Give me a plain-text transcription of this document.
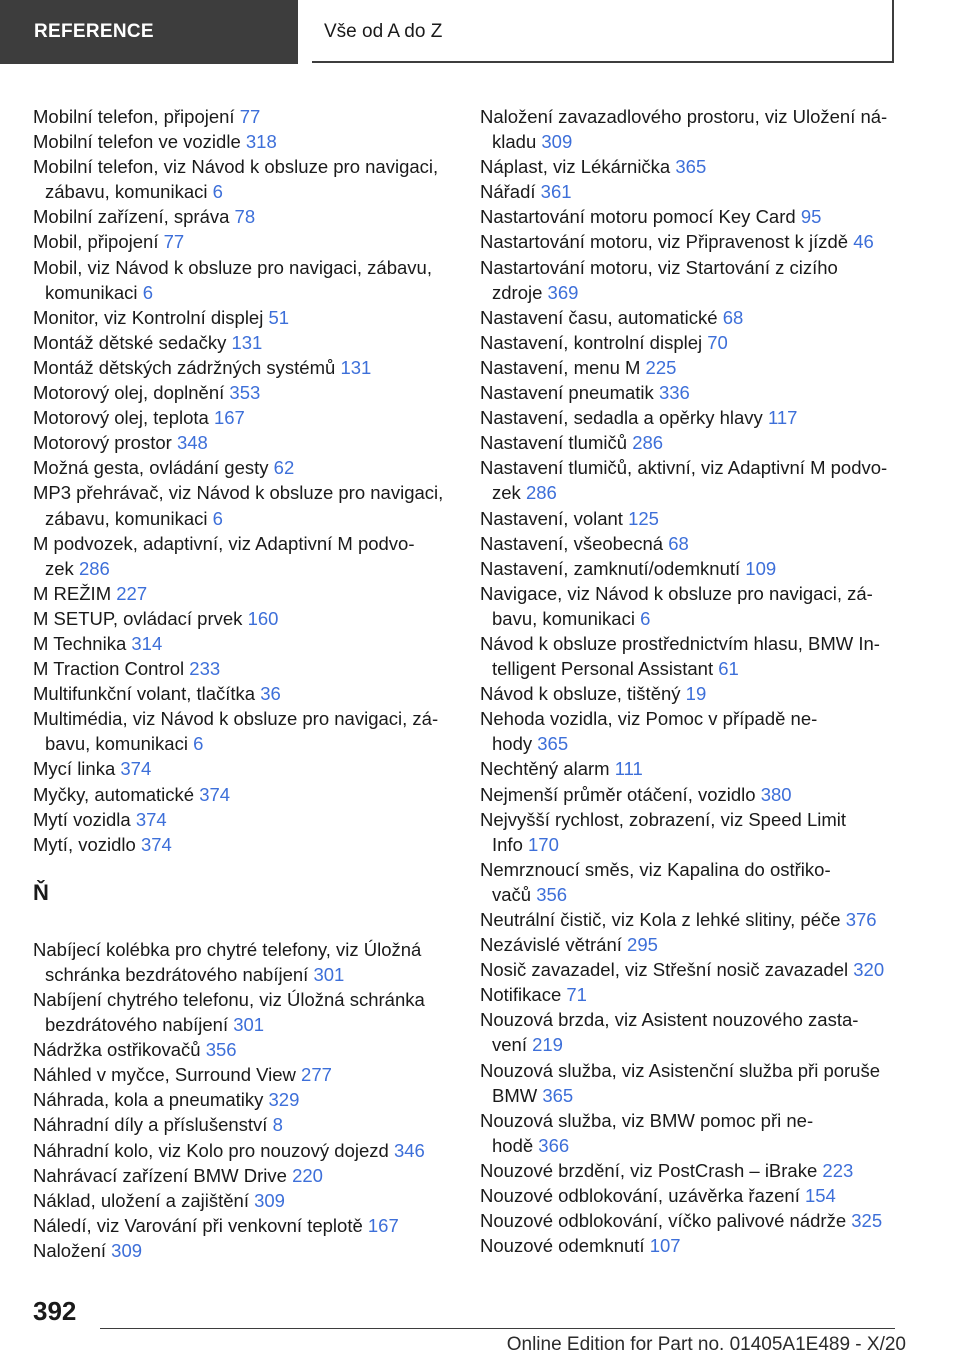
REFERENCE	Vše od A do Z
Mobilní telefon, připojení 77
Mobilní telefon ve vozidle 318
Mobilní telefon, viz Návod k obsluze pro navigaci,
zábavu, komunikaci 6
Mobilní zařízení, správa 78
Mobil, připojení 77
Mobil, viz Návod k obsluze pro navigaci, zábavu,
komunikaci 6
Monitor, viz Kontrolní displej 51
Montáž dětské sedačky 131
Montáž dětských zádržných systémů 131
Motorový olej, doplnění 353
Motorový olej, teplota 167
Motorový prostor 348
Možná gesta, ovládání gesty 62
MP3 přehrávač, viz Návod k obsluze pro navigaci,
zábavu, komunikaci 6
M podvozek, adaptivní, viz Adaptivní M podvo-
zek 286
M REŽIM 227
M SETUP, ovládací prvek 160
M Technika 314
M Traction Control 233
Multifunkční volant, tlačítka 36
Multimédia, viz Návod k obsluze pro navigaci, zá-
bavu, komunikaci 6
Mycí linka 374
Myčky, automatické 374
Mytí vozidla 374
Mytí, vozidlo 374
Ň
Nabíjecí kolébka pro chytré telefony, viz Úložná
schránka bezdrátového nabíjení 301
Nabíjení chytrého telefonu, viz Úložná schránka
bezdrátového nabíjení 301
Nádržka ostřikovačů 356
Náhled v myčce, Surround View 277
Náhrada, kola a pneumatiky 329
Náhradní díly a příslušenství 8
Náhradní kolo, viz Kolo pro nouzový dojezd 346
Nahrávací zařízení BMW Drive 220
Náklad, uložení a zajištění 309
Náledí, viz Varování při venkovní teplotě 167
Naložení 309
Naložení zavazadlového prostoru, viz Uložení ná-
kladu 309
Náplast, viz Lékárnička 365
Nářadí 361
Nastartování motoru pomocí Key Card 95
Nastartování motoru, viz Připravenost k jízdě 46
Nastartování motoru, viz Startování z cizího
zdroje 369
Nastavení času, automatické 68
Nastavení, kontrolní displej 70
Nastavení, menu M 225
Nastavení pneumatik 336
Nastavení, sedadla a opěrky hlavy 117
Nastavení tlumičů 286
Nastavení tlumičů, aktivní, viz Adaptivní M podvo-
zek 286
Nastavení, volant 125
Nastavení, všeobecná 68
Nastavení, zamknutí/odemknutí 109
Navigace, viz Návod k obsluze pro navigaci, zá-
bavu, komunikaci 6
Návod k obsluze prostřednictvím hlasu, BMW In-
telligent Personal Assistant 61
Návod k obsluze, tištěný 19
Nehoda vozidla, viz Pomoc v případě ne-
hody 365
Nechtěný alarm 111
Nejmenší průměr otáčení, vozidlo 380
Nejvyšší rychlost, zobrazení, viz Speed Limit
Info 170
Nemrznoucí směs, viz Kapalina do ostřiko-
vačů 356
Neutrální čistič, viz Kola z lehké slitiny, péče 376
Nezávislé větrání 295
Nosič zavazadel, viz Střešní nosič zavazadel 320
Notifikace 71
Nouzová brzda, viz Asistent nouzového zasta-
vení 219
Nouzová služba, viz Asistenční služba při poruše
BMW 365
Nouzová služba, viz BMW pomoc při ne-
hodě 366
Nouzové brzdění, viz PostCrash – iBrake 223
Nouzové odblokování, uzávěrka řazení 154
Nouzové odblokování, víčko palivové nádrže 325
Nouzové odemknutí 107
392
Online Edition for Part no. 01405A1E489 - X/20
